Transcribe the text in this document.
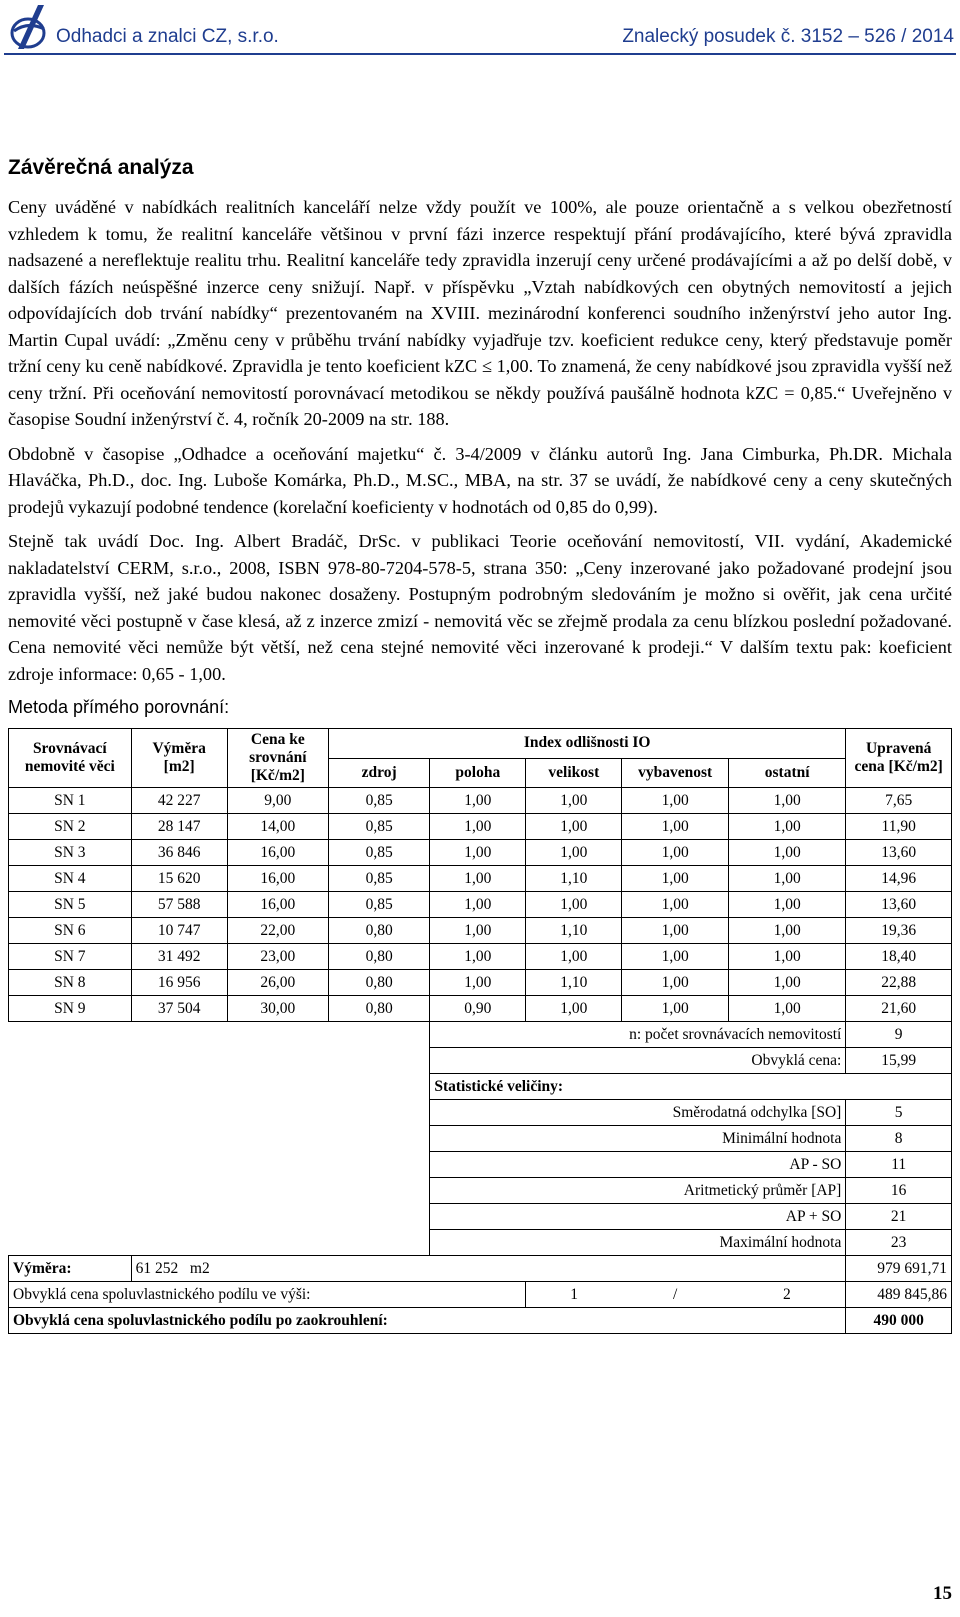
Odhadci a znalci CZ, s.r.o.	Znalecký posudek č. 3152 – 526 / 2014
Závěrečná analýza

Ceny uváděné v nabídkách realitních kanceláří nelze vždy použít ve 100%, ale pouze orientačně a s velkou obezřetností vzhledem k tomu, že realitní kanceláře většinou v první fázi inzerce respektují přání prodávajícího, které bývá zpravidla nadsazené a nereflektuje realitu trhu. Realitní kanceláře tedy zpravidla inzerují ceny určené prodávajícími a až po delší době, v dalších fázích neúspěšné inzerce ceny snižují. Např. v příspěvku „Vztah nabídkových cen obytných nemovitostí a jejich odpovídajících dob trvání nabídky“ prezentovaném na XVIII. mezinárodní konferenci soudního inženýrství jeho autor Ing. Martin Cupal uvádí: „Změnu ceny v průběhu trvání nabídky vyjadřuje tzv. koeficient redukce ceny, který představuje poměr tržní ceny ku ceně nabídkové. Zpravidla je tento koeficient kZC ≤ 1,00. To znamená, že ceny nabídkové jsou zpravidla vyšší než ceny tržní. Při oceňování nemovitostí porovnávací metodikou se někdy používá paušálně hodnota kZC = 0,85.“ Uveřejněno v časopise Soudní inženýrství č. 4, ročník 20-2009 na str. 188.

Obdobně v časopise „Odhadce a oceňování majetku“ č. 3-4/2009 v článku autorů Ing. Jana Cimburka, Ph.DR. Michala Hlaváčka, Ph.D., doc. Ing. Luboše Komárka, Ph.D., M.SC., MBA, na str. 37 se uvádí, že nabídkové ceny a ceny skutečných prodejů vykazují podobné tendence (korelační koeficienty v hodnotách od 0,85 do 0,99).

Stejně tak uvádí Doc. Ing. Albert Bradáč, DrSc. v publikaci Teorie oceňování nemovitostí, VII. vydání, Akademické nakladatelství CERM, s.r.o., 2008, ISBN 978-80-7204-578-5, strana 350: „Ceny inzerované jako požadované prodejní jsou zpravidla vyšší, než jaké budou nakonec dosaženy. Postupným podrobným sledováním je možno si ověřit, jak cena určité nemovité věci postupně v čase klesá, až z inzerce zmizí - nemovitá věc se zřejmě prodala za cenu blízkou poslední požadované. Cena nemovité věci nemůže být větší, než cena stejné nemovité věci inzerované k prodeji.“ V dalším textu pak: koeficient zdroje informace: 0,65 - 1,00.

Metoda přímého porovnání:
Srovnávací nemovité věci	Výměra [m2]	Cena ke srovnání [Kč/m2]	Index odlišnosti IO					Upravená cena [Kč/m2]
			zdroj	poloha	velikost	vybavenost	ostatní	
SN 1	42 227	9,00	0,85	1,00	1,00	1,00	1,00	7,65
SN 2	28 147	14,00	0,85	1,00	1,00	1,00	1,00	11,90
SN 3	36 846	16,00	0,85	1,00	1,00	1,00	1,00	13,60
SN 4	15 620	16,00	0,85	1,00	1,10	1,00	1,00	14,96
SN 5	57 588	16,00	0,85	1,00	1,00	1,00	1,00	13,60
SN 6	10 747	22,00	0,80	1,00	1,10	1,00	1,00	19,36
SN 7	31 492	23,00	0,80	1,00	1,00	1,00	1,00	18,40
SN 8	16 956	26,00	0,80	1,00	1,10	1,00	1,00	22,88
SN 9	37 504	30,00	0,80	0,90	1,00	1,00	1,00	21,60
				n: počet srovnávacích nemovitostí				9
				Obvyklá cena:				15,99
				Statistické veličiny:				
				Směrodatná odchylka [SO]				5
				Minimální hodnota				8
				AP - SO				11
				Aritmetický průměr [AP]				16
				AP + SO				21
				Maximální hodnota				23
Výměra:	61 252 m2							979 691,71
Obvyklá cena spoluvlastnického podílu ve výši:					1	/	2	489 845,86
Obvyklá cena spoluvlastnického podílu po zaokrouhlení:								490 000
15
